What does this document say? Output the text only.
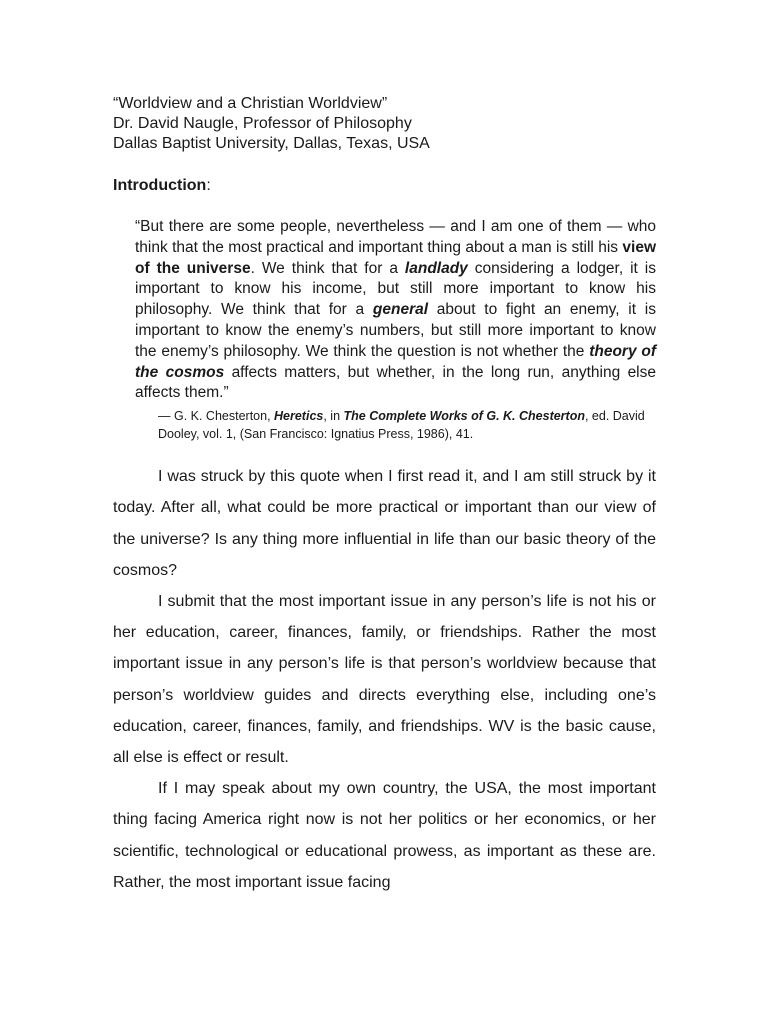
“Worldview and a Christian Worldview”

Dr. David Naugle, Professor of Philosophy

Dallas Baptist University, Dallas, Texas, USA

Introduction:

“But there are some people, nevertheless — and I am one of them — who think that the most practical and important thing about a man is still his view of the universe. We think that for a landlady considering a lodger, it is important to know his income, but still more important to know his philosophy. We think that for a general about to fight an enemy, it is important to know the enemy’s numbers, but still more important to know the enemy’s philosophy. We think the question is not whether the theory of the cosmos affects matters, but whether, in the long run, anything else affects them.”
— G. K. Chesterton, Heretics, in The Complete Works of G. K. Chesterton, ed. David Dooley, vol. 1, (San Francisco: Ignatius Press, 1986), 41.

I was struck by this quote when I first read it, and I am still struck by it today. After all, what could be more practical or important than our view of the universe? Is any thing more influential in life than our basic theory of the cosmos?

I submit that the most important issue in any person’s life is not his or her education, career, finances, family, or friendships. Rather the most important issue in any person’s life is that person’s worldview because that person’s worldview guides and directs everything else, including one’s education, career, finances, family, and friendships. WV is the basic cause, all else is effect or result.

If I may speak about my own country, the USA, the most important thing facing America right now is not her politics or her economics, or her scientific, technological or educational prowess, as important as these are. Rather, the most important issue facing
